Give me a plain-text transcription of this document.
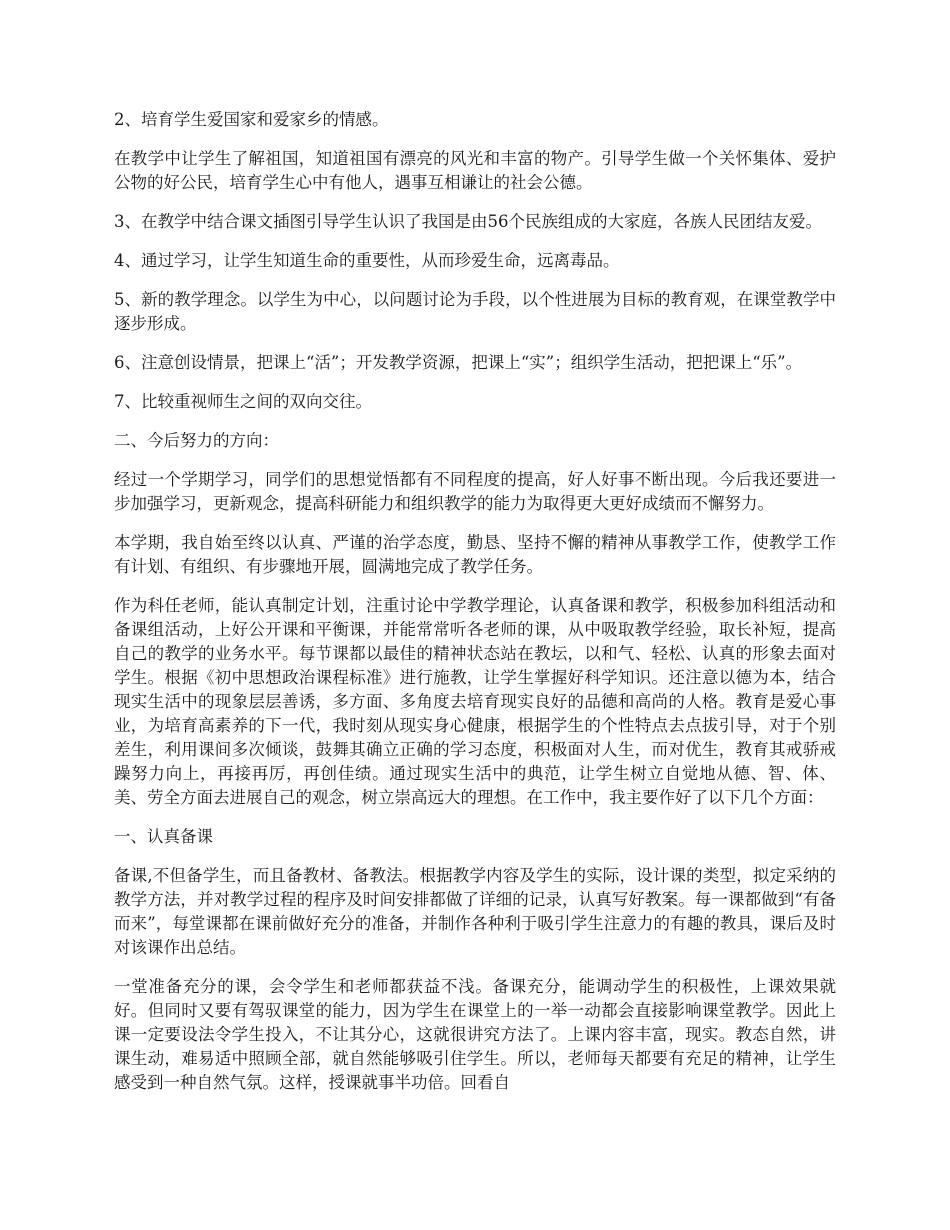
2、培育学生爱国家和爱家乡的情感。

在教学中让学生了解祖国，知道祖国有漂亮的风光和丰富的物产。引导学生做一个关怀集体、爱护公物的好公民，培育学生心中有他人，遇事互相谦让的社会公德。

3、在教学中结合课文插图引导学生认识了我国是由56个民族组成的大家庭，各族人民团结友爱。

4、通过学习，让学生知道生命的重要性，从而珍爱生命，远离毒品。

5、新的教学理念。以学生为中心，以问题讨论为手段，以个性进展为目标的教育观，在课堂教学中逐步形成。

6、注意创设情景，把课上“活”；开发教学资源，把课上“实”；组织学生活动，把把课上“乐”。

7、比较重视师生之间的双向交往。

二、今后努力的方向：

经过一个学期学习，同学们的思想觉悟都有不同程度的提高，好人好事不断出现。今后我还要进一步加强学习，更新观念，提高科研能力和组织教学的能力为取得更大更好成绩而不懈努力。

本学期，我自始至终以认真、严谨的治学态度，勤恳、坚持不懈的精神从事教学工作，使教学工作有计划、有组织、有步骤地开展，圆满地完成了教学任务。

作为科任老师，能认真制定计划，注重讨论中学教学理论，认真备课和教学，积极参加科组活动和备课组活动，上好公开课和平衡课，并能常常听各老师的课，从中吸取教学经验，取长补短，提高自己的教学的业务水平。每节课都以最佳的精神状态站在教坛，以和气、轻松、认真的形象去面对学生。根据《初中思想政治课程标准》进行施教，让学生掌握好科学知识。还注意以德为本，结合现实生活中的现象层层善诱，多方面、多角度去培育现实良好的品德和高尚的人格。教育是爱心事业，为培育高素养的下一代，我时刻从现实身心健康，根据学生的个性特点去点拔引导，对于个别差生，利用课间多次倾谈，鼓舞其确立正确的学习态度，积极面对人生，而对优生，教育其戒骄戒躁努力向上，再接再厉，再创佳绩。通过现实生活中的典范，让学生树立自觉地从德、智、体、美、劳全方面去进展自己的观念，树立崇高远大的理想。在工作中，我主要作好了以下几个方面：

一、认真备课

备课,不但备学生，而且备教材、备教法。根据教学内容及学生的实际，设计课的类型，拟定采纳的教学方法，并对教学过程的程序及时间安排都做了详细的记录，认真写好教案。每一课都做到“有备而来”，每堂课都在课前做好充分的准备，并制作各种利于吸引学生注意力的有趣的教具，课后及时对该课作出总结。

一堂准备充分的课，会令学生和老师都获益不浅。备课充分，能调动学生的积极性，上课效果就好。但同时又要有驾驭课堂的能力，因为学生在课堂上的一举一动都会直接影响课堂教学。因此上课一定要设法令学生投入，不让其分心，这就很讲究方法了。上课内容丰富，现实。教态自然，讲课生动，难易适中照顾全部，就自然能够吸引住学生。所以，老师每天都要有充足的精神，让学生感受到一种自然气氛。这样，授课就事半功倍。回看自
